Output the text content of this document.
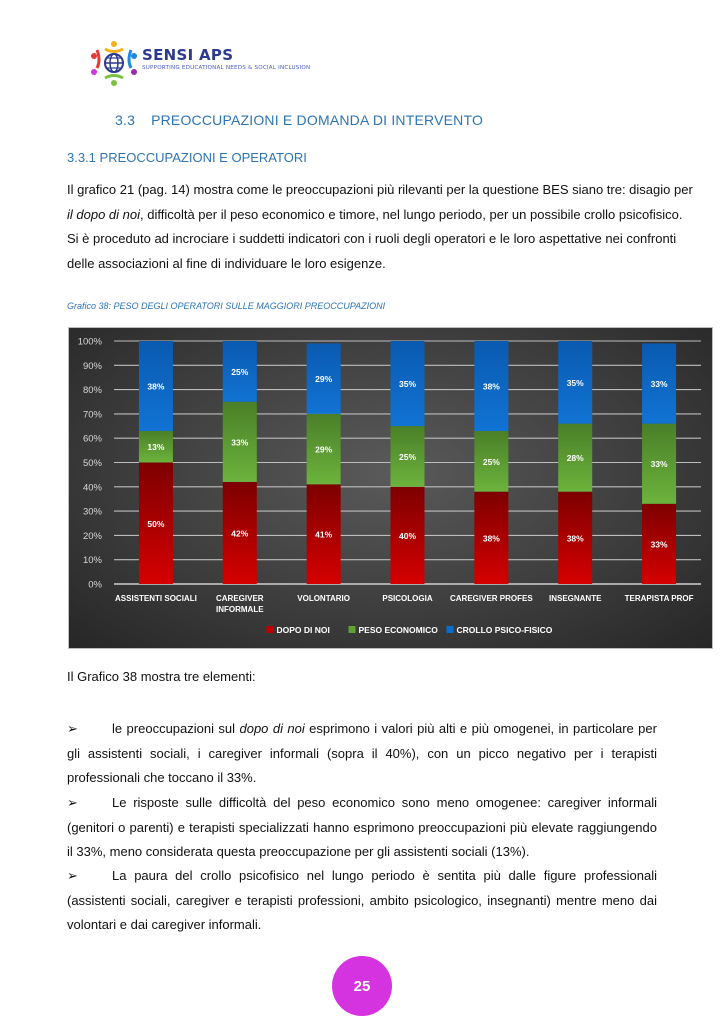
SENSI APS
SUPPORTING EDUCATIONAL NEEDS & SOCIAL INCLUSION
3.3 PREOCCUPAZIONI E DOMANDA DI INTERVENTO
3.3.1 PREOCCUPAZIONI E OPERATORI
Il grafico 21 (pag. 14) mostra come le preoccupazioni più rilevanti per la questione BES siano tre: disagio per
il dopo di noi, difficoltà per il peso economico e timore, nel lungo periodo, per un possibile crollo psicofisico.
Si è proceduto ad incrociare i suddetti indicatori con i ruoli degli operatori e le loro aspettative nei confronti
delle associazioni al fine di individuare le loro esigenze.
Grafico 38: PESO DEGLI OPERATORI SULLE MAGGIORI PREOCCUPAZIONI
50%
13%
38%
42%
33%
25%
41%
29%
29%
40%
25%
35%
38%
25%
38%
38%
28%
35%
33%
33%
33%
0%
10%
20%
30%
40%
50%
60%
70%
80%
90%
100%
ASSISTENTI SOCIALI CAREGIVER
INFORMALE
VOLONTARIO	PSICOLOGIA CAREGIVER PROFES INSEGNANTE	TERAPISTA PROF
DOPO DI NOI	PESO ECONOMICO CROLLO PSICO-FISICO
Il Grafico 38 mostra tre elementi:
➢	le preoccupazioni sul dopo di noi esprimono i valori più alti e più omogenei, in particolare per gli assistenti sociali, i caregiver informali (sopra il 40%), con un picco negativo per i terapisti professionali che toccano il 33%.
➢	Le risposte sulle difficoltà del peso economico sono meno omogenee: caregiver informali (genitori o parenti) e terapisti specializzati hanno esprimono preoccupazioni più elevate raggiungendo il 33%, meno considerata questa preoccupazione per gli assistenti sociali (13%).
➢	La paura del crollo psicofisico nel lungo periodo è sentita più dalle figure professionali (assistenti sociali, caregiver e terapisti professioni, ambito psicologico, insegnanti) mentre meno dai volontari e dai caregiver informali.
25
